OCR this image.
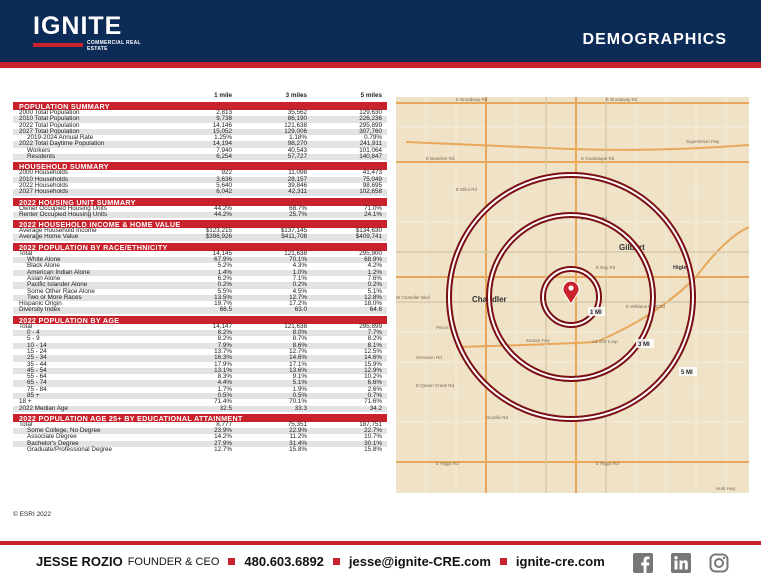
IGNITE
COMMERCIAL REAL ESTATE
DEMOGRAPHICS
1 mile	3 miles	5 miles
POPULATION SUMMARY
2000 Total Population	2,813	35,562	129,630
2010 Total Population	9,738	86,190	226,236
2022 Total Population	14,146	121,638	295,899
2027 Total Population	15,052	129,006	307,760
2019-2024 Annual Rate	1.25%	1.18%	0.79%
2022 Total Daytime Population	14,194	98,270	241,911
Workers	7,940	40,543	101,064
Residents	6,254	57,727	140,847
HOUSEHOLD SUMMARY
2000 Households	922	11,098	41,473
2010 Households	3,636	28,157	75,049
2022 Households	5,640	39,846	98,695
2027 Households	6,042	42,311	102,658
2022 HOUSING UNIT SUMMARY
Owner Occupied Housing Units	44.2%	68.7%	71.0%
Renter Occupied Housing Units	44.2%	25.7%	24.1%
2022 HOUSEHOLD INCOME & HOME VALUE
Average Household Income	$123,215	$137,145	$134,630
Average Home Value	$396,926	$411,708	$409,741
2022 POPULATION BY RACE/ETHNICITY
Total	14,145	121,638	295,900
White Alone	67.9%	70.1%	68.9%
Black Alone	5.2%	4.3%	4.2%
American Indian Alone	1.4%	1.0%	1.2%
Asian Alone	6.2%	7.1%	7.6%
Pacific Islander Alone	0.2%	0.2%	0.2%
Some Other Race Alone	5.5%	4.5%	5.1%
Two or More Races	13.5%	12.7%	12.8%
Hispanic Origin	19.7%	17.2%	18.0%
Diversity Index	66.5	63.0	64.6
2022 POPULATION BY AGE
Total	14,147	121,638	295,899
0 - 4	8.2%	8.0%	7.7%
5 - 9	8.2%	8.7%	8.2%
10 - 14	7.9%	8.6%	8.1%
15 - 24	13.7%	12.7%	12.5%
25 - 34	16.3%	14.6%	14.6%
35 - 44	17.9%	17.1%	15.9%
45 - 54	13.1%	13.6%	12.9%
55 - 64	8.3%	9.1%	10.2%
65 - 74	4.4%	5.1%	6.6%
75 - 84	1.7%	1.9%	2.6%
85 +	0.5%	0.5%	0.7%
18 +	71.4%	70.1%	71.6%
2022 Median Age	32.5	33.3	34.2
2022 POPULATION AGE 25+ BY EDUCATIONAL ATTAINMENT
Total	8,777	75,351	187,751
Some College, No Degree	23.9%	22.9%	22.7%
Associate Degree	14.2%	11.2%	10.7%
Bachelor's Degree	27.9%	31.4%	30.1%
Graduate/Professional Degree	12.7%	15.8%	15.8%
© ESRI 2022
E Broadway Rd	E Broadway Rd
Superstition Fwy
E Baseline Rd	E Guadalupe Rd
E Elliot Rd
E Warner Rd
E Ray Rd
E Williams Field Rd
W Chandler Blvd
Pecos Rd
Germann Rd
E Queen Creek Rd
Ocotillo Rd
E Riggs Rd	E Riggs Rd
Santan Fwy
Hunt Hwy
AZ 202 Loop
Gilbert
Chandler
Higley
1 MI
3 MI
5 MI
JESSE ROZIO FOUNDER & CEO 480.603.6892 jesse@ignite-CRE.com ignite-cre.com
